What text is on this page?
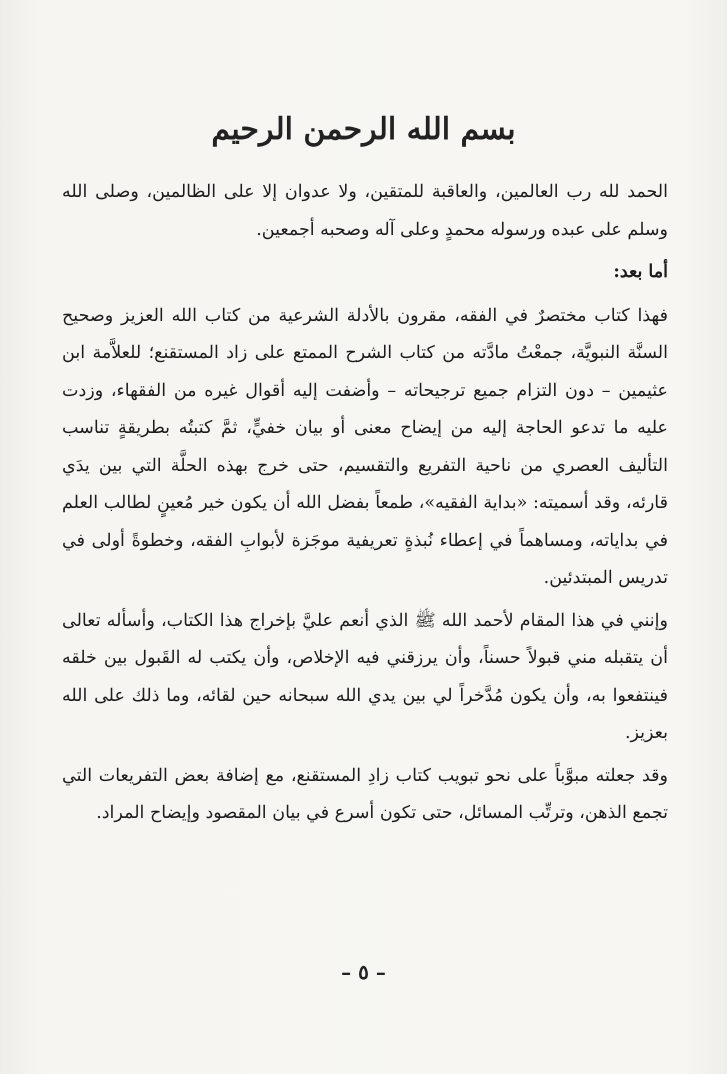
بسم الله الرحمن الرحيم

الحمد لله رب العالمين، والعاقبة للمتقين، ولا عدوان إلا على الظالمين، وصلى الله وسلم على عبده ورسوله محمدٍ وعلى آله وصحبه أجمعين.

أما بعد:

فهذا كتاب مختصرٌ في الفقه، مقرون بالأدلة الشرعية من كتاب الله العزيز وصحيح السنَّة النبويَّة، جمعْتُ مادَّته من كتاب الشرح الممتع على زاد المستقنع؛ للعلاَّمة ابن عثيمين – دون التزام جميع ترجيحاته – وأضفت إليه أقوال غيره من الفقهاء، وزدت عليه ما تدعو الحاجة إليه من إيضاح معنى أو بيان خفيٍّ، ثمَّ كتبتُه بطريقةٍ تناسب التأليف العصري من ناحية التفريع والتقسيم، حتى خرج بهذه الحلَّة التي بين يدَي قارئه، وقد أسميته: «بداية الفقيه»، طمعاً بفضل الله أن يكون خير مُعينٍ لطالب العلم في بداياته، ومساهماً في إعطاء نُبذةٍ تعريفية موجَزة لأبوابِ الفقه، وخطوةً أولى في تدريس المبتدئين.

وإنني في هذا المقام لأحمد الله ﷺ الذي أنعم عليَّ بإخراج هذا الكتاب، وأسأله تعالى أن يتقبله مني قبولاً حسناً، وأن يرزقني فيه الإخلاص، وأن يكتب له القَبول بين خلقه فينتفعوا به، وأن يكون مُدَّخراً لي بين يدي الله سبحانه حين لقائه، وما ذلك على الله بعزيز.

وقد جعلته مبوَّباً على نحو تبويب كتاب زادِ المستقنع، مع إضافة بعض التفريعات التي تجمع الذهن، وترتِّب المسائل، حتى تكون أسرع في بيان المقصود وإيضاح المراد.

– ٥ –
